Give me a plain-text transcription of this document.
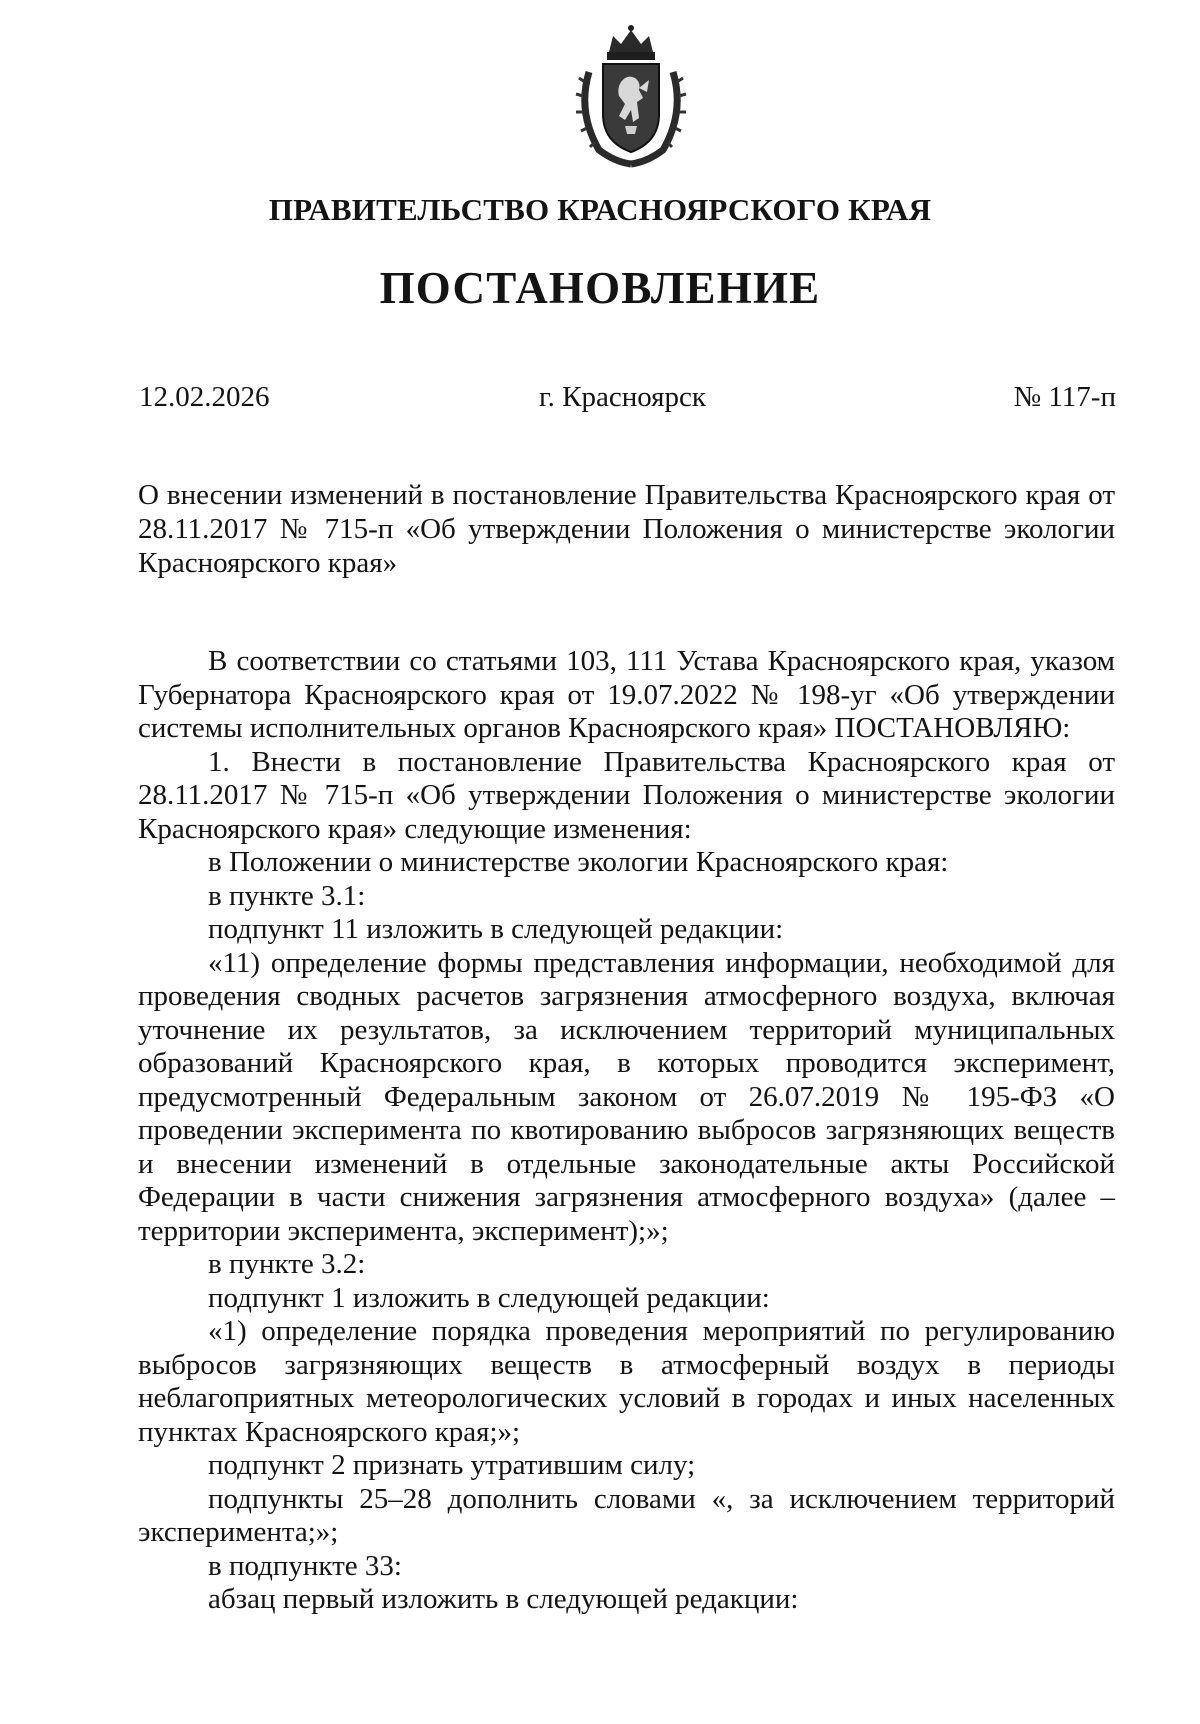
ПРАВИТЕЛЬСТВО КРАСНОЯРСКОГО КРАЯ
ПОСТАНОВЛЕНИЕ
12.02.2026	г. Красноярск	№ 117-п
О внесении изменений в постановление Правительства Красноярского края от 28.11.2017 № 715-п «Об утверждении Положения о министерстве экологии Красноярского края»

В соответствии со статьями 103, 111 Устава Красноярского края, указом Губернатора Красноярского края от 19.07.2022 № 198-уг «Об утверждении системы исполнительных органов Красноярского края» ПОСТАНОВЛЯЮ:

1. Внести в постановление Правительства Красноярского края от 28.11.2017 № 715-п «Об утверждении Положения о министерстве экологии Красноярского края» следующие изменения:

в Положении о министерстве экологии Красноярского края:

в пункте 3.1:

подпункт 11 изложить в следующей редакции:

«11) определение формы представления информации, необходимой для проведения сводных расчетов загрязнения атмосферного воздуха, включая уточнение их результатов, за исключением территорий муниципальных образований Красноярского края, в которых проводится эксперимент, предусмотренный Федеральным законом от 26.07.2019 № 195-ФЗ «О проведении эксперимента по квотированию выбросов загрязняющих веществ и внесении изменений в отдельные законодательные акты Российской Федерации в части снижения загрязнения атмосферного воздуха» (далее – территории эксперимента, эксперимент);»;

в пункте 3.2:

подпункт 1 изложить в следующей редакции:

«1) определение порядка проведения мероприятий по регулированию выбросов загрязняющих веществ в атмосферный воздух в периоды неблагоприятных метеорологических условий в городах и иных населенных пунктах Красноярского края;»;

подпункт 2 признать утратившим силу;

подпункты 25–28 дополнить словами «, за исключением территорий эксперимента;»;

в подпункте 33:

абзац первый изложить в следующей редакции:
